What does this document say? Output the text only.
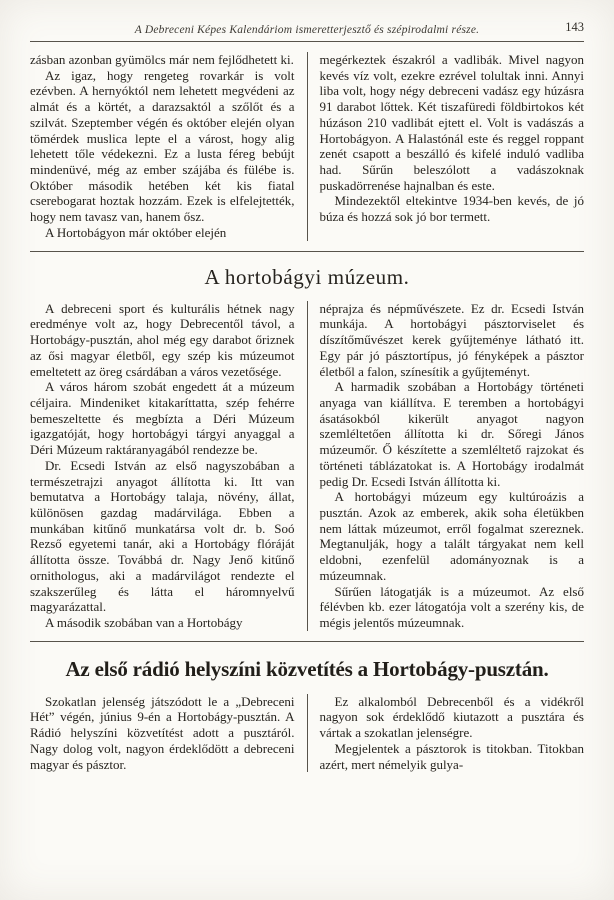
A Debreceni Képes Kalendáriom ismeretterjesztő és szépirodalmi része.	143

zásban azonban gyümölcs már nem fejlődhetett ki.

Az igaz, hogy rengeteg rovarkár is volt ezévben. A hernyóktól nem lehetett megvédeni az almát és a körtét, a darazsaktól a szőlőt és a szilvát. Szeptember végén és október elején olyan tömérdek muslica lepte el a várost, hogy alig lehetett tőle védekezni. Ez a lusta féreg bebújt mindenüvé, még az ember szájába és fülébe is. Október második hetében két kis fiatal cserebogarat hoztak hozzám. Ezek is elfelejtették, hogy nem tavasz van, hanem ősz.

A Hortobágyon már október elején

megérkeztek északról a vadlibák. Mivel nagyon kevés víz volt, ezekre ezrével tolultak inni. Annyi liba volt, hogy négy debreceni vadász egy húzásra 91 darabot lőttek. Két tiszafüredi földbirtokos két húzáson 210 vadlibát ejtett el. Volt is vadászás a Hortobágyon. A Halastónál este és reggel roppant zenét csapott a beszálló és kifelé induló vadliba had. Sűrűn beleszólott a vadászoknak puskadörrenése hajnalban és este.

Mindezektől eltekintve 1934-ben kevés, de jó búza és hozzá sok jó bor termett.

A hortobágyi múzeum.

A debreceni sport és kulturális hétnek nagy eredménye volt az, hogy Debrecentől távol, a Hortobágy-pusztán, ahol még egy darabot őriznek az ősi magyar életből, egy szép kis múzeumot emeltetett az öreg csárdában a város vezetősége.

A város három szobát engedett át a múzeum céljaira. Mindeniket kitakaríttatta, szép fehérre bemeszeltette és megbízta a Déri Múzeum igazgatóját, hogy hortobágyi tárgyi anyaggal a Déri Múzeum raktáranyagából rendezze be.

Dr. Ecsedi István az első nagyszobában a természetrajzi anyagot állította ki. Itt van bemutatva a Hortobágy talaja, növény, állat, különösen gazdag madárvilága. Ebben a munkában kitűnő munkatársa volt dr. b. Soó Rezső egyetemi tanár, aki a Hortobágy flóráját állította össze. Továbbá dr. Nagy Jenő kitűnő ornithologus, aki a madárvilágot rendezte el szakszerűleg és látta el háromnyelvű magyarázattal.

A második szobában van a Hortobágy

néprajza és népművészete. Ez dr. Ecsedi István munkája. A hortobágyi pásztorviselet és díszítőművészet kerek gyűjteménye látható itt. Egy pár jó pásztortípus, jó fényképek a pásztor életből a falon, színesítik a gyűjteményt.

A harmadik szobában a Hortobágy történeti anyaga van kiállítva. E teremben a hortobágyi ásatásokból kikerült anyagot nagyon szemléltetően állította ki dr. Sőregi János múzeumőr. Ő készítette a szemléltető rajzokat és történeti táblázatokat is. A Hortobágy irodalmát pedig Dr. Ecsedi István állította ki.

A hortobágyi múzeum egy kultúroázis a pusztán. Azok az emberek, akik soha életükben nem láttak múzeumot, erről fogalmat szereznek. Megtanulják, hogy a talált tárgyakat nem kell eldobni, ezenfelül adományoznak is a múzeumnak.

Sűrűen látogatják is a múzeumot. Az első félévben kb. ezer látogatója volt a szerény kis, de mégis jelentős múzeumnak.

Az első rádió helyszíni közvetítés a Hortobágy-pusztán.

Szokatlan jelenség játszódott le a „Debreceni Hét” végén, június 9-én a Hortobágy-pusztán. A Rádió helyszíni közvetítést adott a pusztáról. Nagy dolog volt, nagyon érdeklődött a debreceni magyar és pásztor.

Ez alkalomból Debrecenből és a vidékről nagyon sok érdeklődő kiutazott a pusztára és vártak a szokatlan jelenségre.

Megjelentek a pásztorok is titokban. Titokban azért, mert némelyik gulya-
